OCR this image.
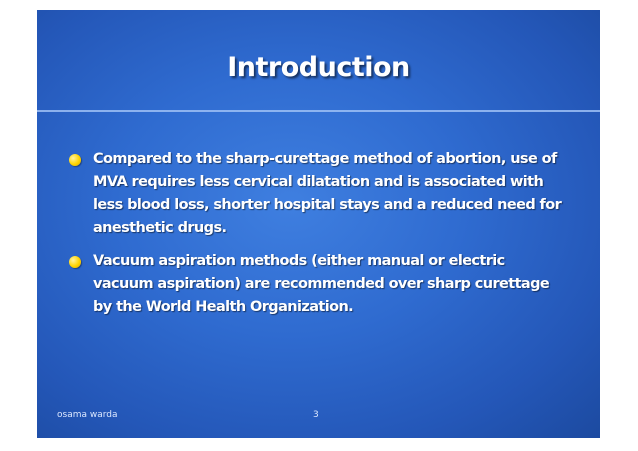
Introduction
Compared to the sharp-curettage method of abortion, use of MVA requires less cervical dilatation and is associated with less blood loss, shorter hospital stays and a reduced need for anesthetic drugs.
Vacuum aspiration methods (either manual or electric vacuum aspiration) are recommended over sharp curettage by the World Health Organization.
osama warda	3
